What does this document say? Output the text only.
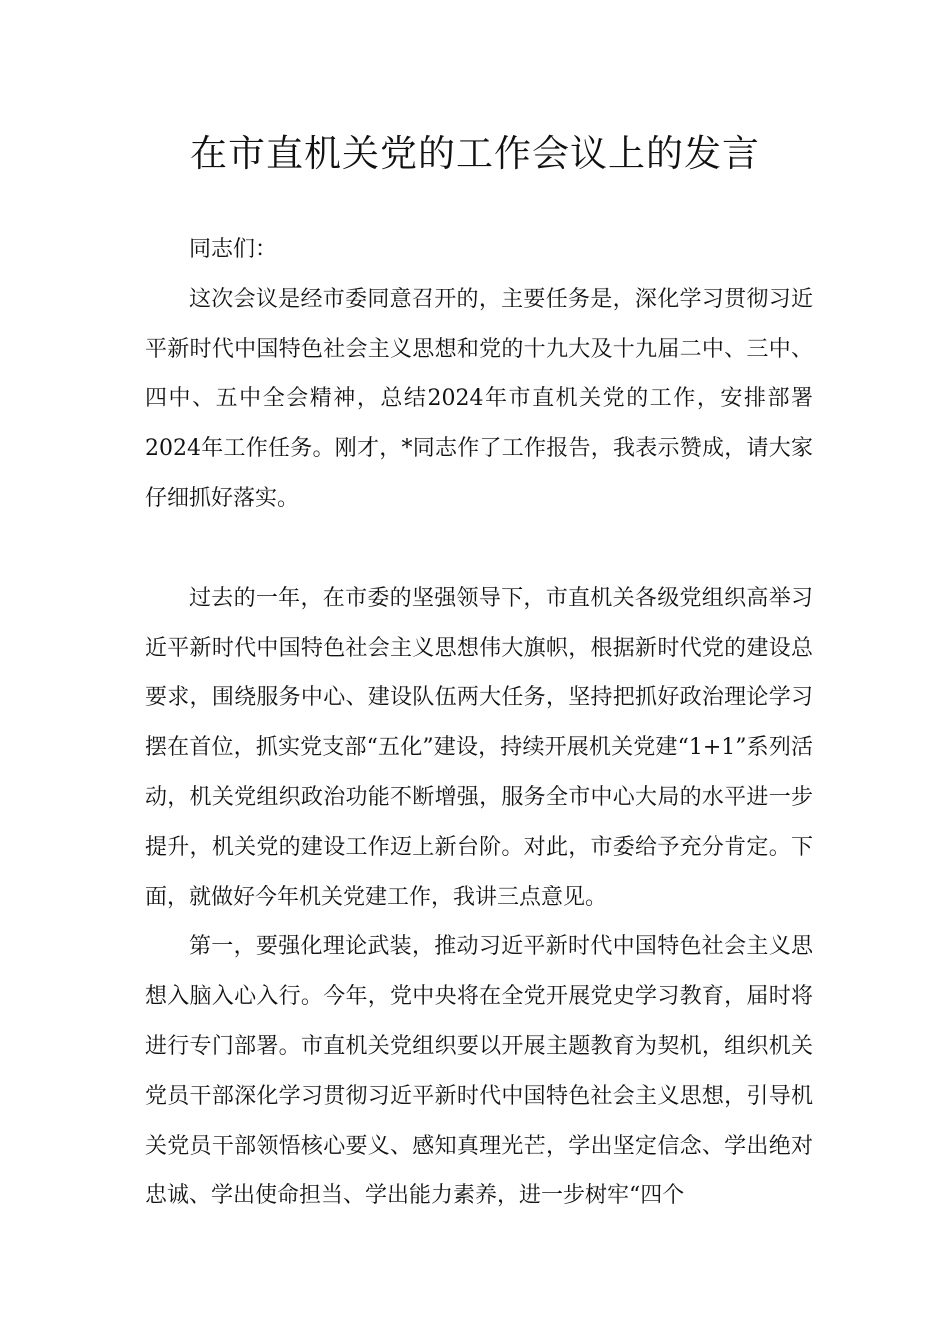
在市直机关党的工作会议上的发言

同志们：

这次会议是经市委同意召开的，主要任务是，深化学习贯彻习近平新时代中国特色社会主义思想和党的十九大及十九届二中、三中、四中、五中全会精神，总结2024年市直机关党的工作，安排部署2024年工作任务。刚才，*同志作了工作报告，我表示赞成，请大家仔细抓好落实。

过去的一年，在市委的坚强领导下，市直机关各级党组织高举习近平新时代中国特色社会主义思想伟大旗帜，根据新时代党的建设总要求，围绕服务中心、建设队伍两大任务，坚持把抓好政治理论学习摆在首位，抓实党支部“五化”建设，持续开展机关党建“1+1”系列活动，机关党组织政治功能不断增强，服务全市中心大局的水平进一步提升，机关党的建设工作迈上新台阶。对此，市委给予充分肯定。下面，就做好今年机关党建工作，我讲三点意见。

第一，要强化理论武装，推动习近平新时代中国特色社会主义思想入脑入心入行。今年，党中央将在全党开展党史学习教育，届时将进行专门部署。市直机关党组织要以开展主题教育为契机，组织机关党员干部深化学习贯彻习近平新时代中国特色社会主义思想，引导机关党员干部领悟核心要义、感知真理光芒，学出坚定信念、学出绝对忠诚、学出使命担当、学出能力素养，进一步树牢“四个
